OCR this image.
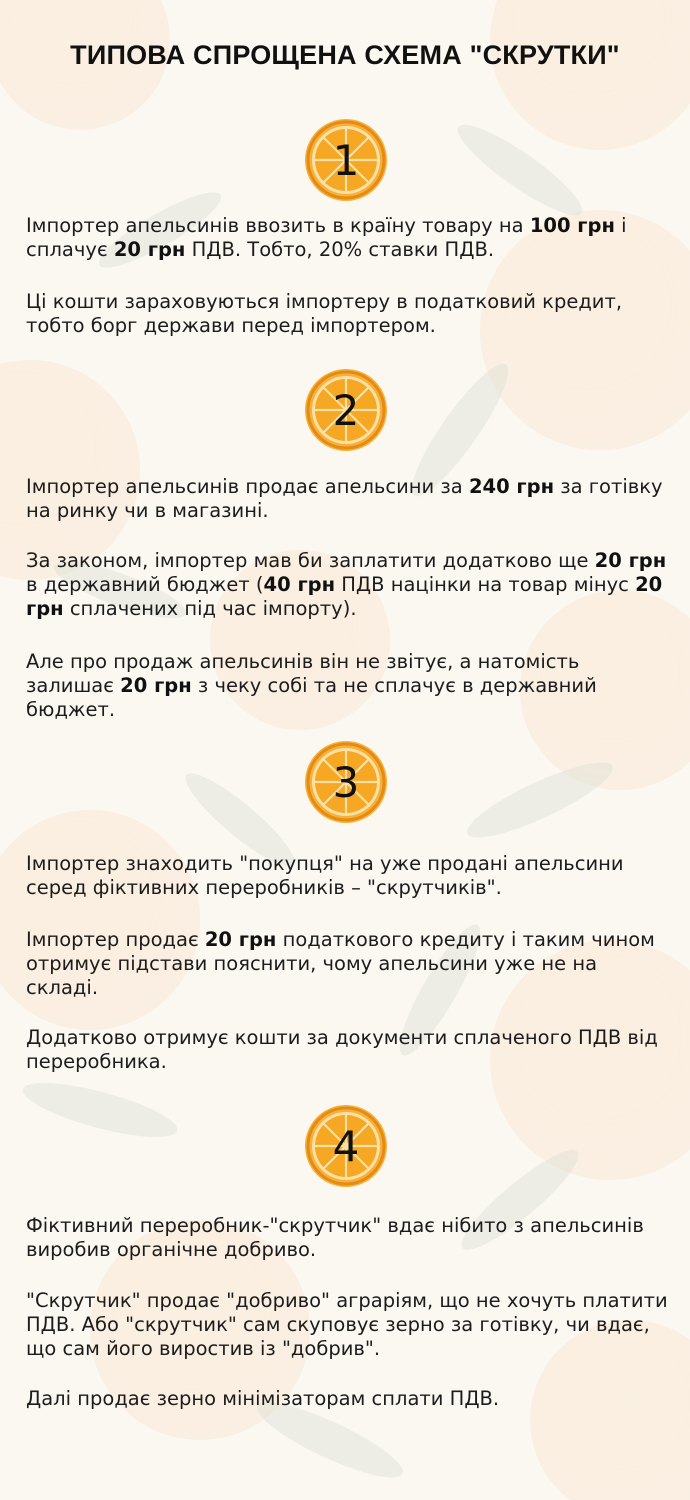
ТИПОВА СПРОЩЕНА СХЕМА "СКРУТКИ"
1

Імпортер апельсинів ввозить в країну товару на 100 грн і сплачує 20 грн ПДВ. Тобто, 20% ставки ПДВ.

Ці кошти зараховуються імпортеру в податковий кредит, тобто борг держави перед імпортером.

2

Імпортер апельсинів продає апельсини за 240 грн за готівку на ринку чи в магазині.

За законом, імпортер мав би заплатити додатково ще 20 грн в державний бюджет (40 грн ПДВ націнки на товар мінус 20 грн сплачених під час імпорту).

Але про продаж апельсинів він не звітує, а натомість залишає 20 грн з чеку собі та не сплачує в державний бюджет.

3

Імпортер знаходить "покупця" на уже продані апельсини серед фіктивних переробників – "скрутчиків".

Імпортер продає 20 грн податкового кредиту і таким чином отримує підстави пояснити, чому апельсини уже не на складі.

Додатково отримує кошти за документи сплаченого ПДВ від переробника.

4

Фіктивний переробник-"скрутчик" вдає нібито з апельсинів виробив органічне добриво.

"Скрутчик" продає "добриво" аграріям, що не хочуть платити ПДВ. Або "скрутчик" сам скуповує зерно за готівку, чи вдає, що сам його виростив із "добрив".

Далі продає зерно мінімізаторам сплати ПДВ.
